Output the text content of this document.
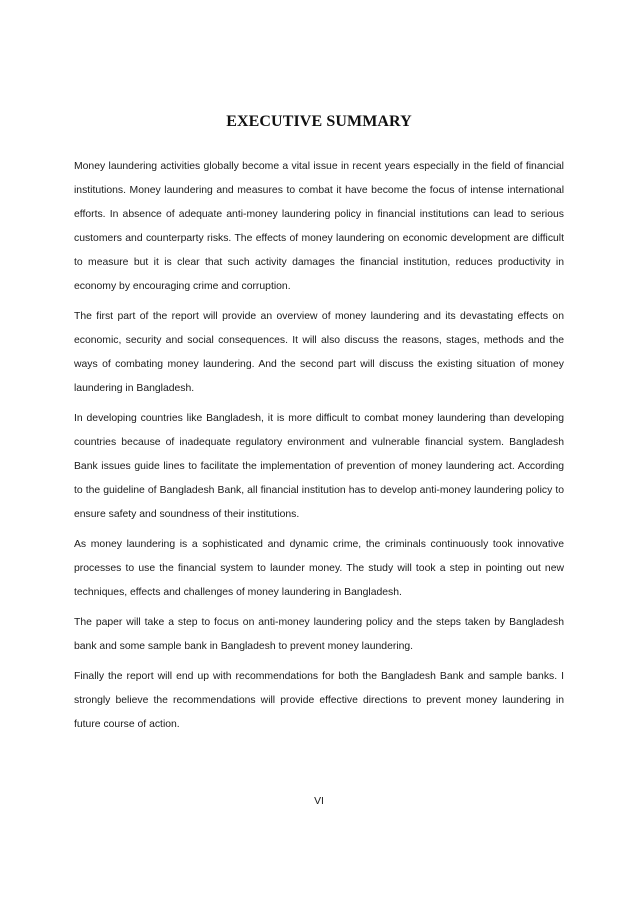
EXECUTIVE SUMMARY

Money laundering activities globally become a vital issue in recent years especially in the field of financial institutions. Money laundering and measures to combat it have become the focus of intense international efforts. In absence of adequate anti-money laundering policy in financial institutions can lead to serious customers and counterparty risks. The effects of money laundering on economic development are difficult to measure but it is clear that such activity damages the financial institution, reduces productivity in economy by encouraging crime and corruption.

The first part of the report will provide an overview of money laundering and its devastating effects on economic, security and social consequences. It will also discuss the reasons, stages, methods and the ways of combating money laundering. And the second part will discuss the existing situation of money laundering in Bangladesh.

In developing countries like Bangladesh, it is more difficult to combat money laundering than developing countries because of inadequate regulatory environment and vulnerable financial system. Bangladesh Bank issues guide lines to facilitate the implementation of prevention of money laundering act. According to the guideline of Bangladesh Bank, all financial institution has to develop anti-money laundering policy to ensure safety and soundness of their institutions.

As money laundering is a sophisticated and dynamic crime, the criminals continuously took innovative processes to use the financial system to launder money. The study will took a step in pointing out new techniques, effects and challenges of money laundering in Bangladesh.

The paper will take a step to focus on anti-money laundering policy and the steps taken by Bangladesh bank and some sample bank in Bangladesh to prevent money laundering.

Finally the report will end up with recommendations for both the Bangladesh Bank and sample banks. I strongly believe the recommendations will provide effective directions to prevent money laundering in future course of action.

VI
